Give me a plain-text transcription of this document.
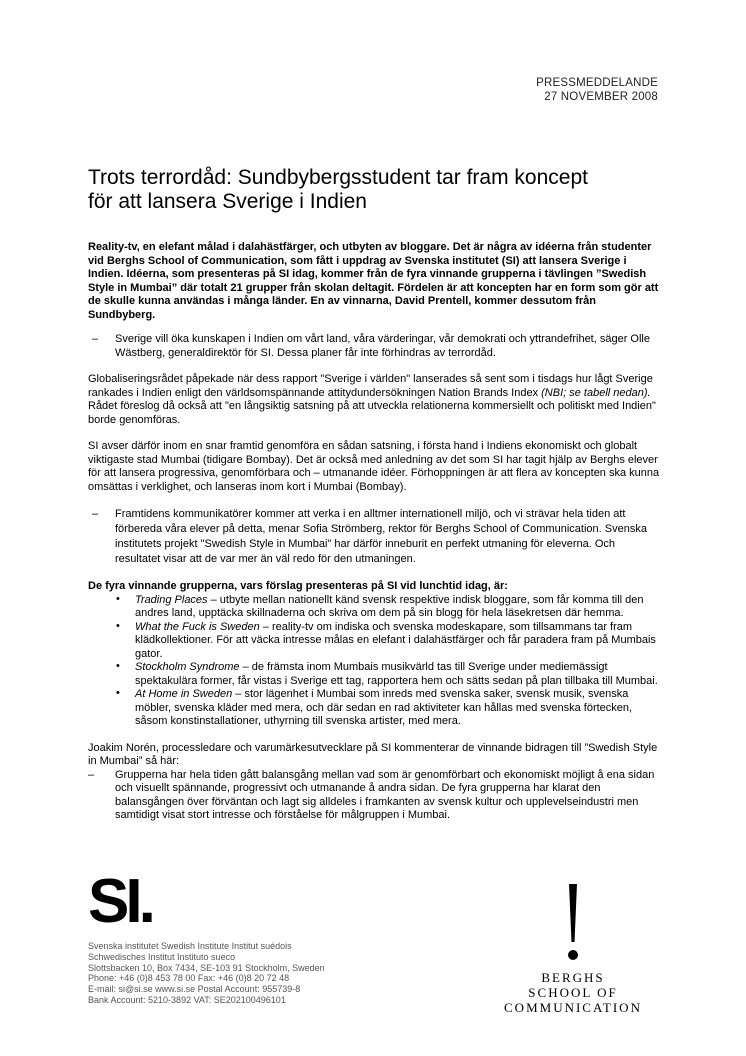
PRESSMEDDELANDE
27 NOVEMBER 2008
Trots terrordåd: Sundbybergsstudent tar fram koncept
för att lansera Sverige i Indien

Reality-tv, en elefant målad i dalahästfärger, och utbyten av bloggare. Det är några av idéerna från studenter vid Berghs School of Communication, som fått i uppdrag av Svenska institutet (SI) att lansera Sverige i Indien. Idéerna, som presenteras på SI idag, kommer från de fyra vinnande grupperna i tävlingen ”Swedish Style in Mumbai” där totalt 21 grupper från skolan deltagit. Fördelen är att koncepten har en form som gör att de skulle kunna användas i många länder. En av vinnarna, David Prentell, kommer dessutom från Sundbyberg.

– Sverige vill öka kunskapen i Indien om vårt land, våra värderingar, vår demokrati och yttrandefrihet, säger Olle Wästberg, generaldirektör för SI. Dessa planer får inte förhindras av terrordåd.

Globaliseringsrådet påpekade när dess rapport "Sverige i världen" lanserades så sent som i tisdags hur lågt Sverige rankades i Indien enligt den världsomspännande attitydundersökningen Nation Brands Index (NBI; se tabell nedan). Rådet föreslog då också att "en långsiktig satsning på att utveckla relationerna kommersiellt och politiskt med Indien" borde genomföras.

SI avser därför inom en snar framtid genomföra en sådan satsning, i första hand i Indiens ekonomiskt och globalt viktigaste stad Mumbai (tidigare Bombay). Det är också med anledning av det som SI har tagit hjälp av Berghs elever för att lansera progressiva, genomförbara och – utmanande idéer. Förhoppningen är att flera av koncepten ska kunna omsättas i verklighet, och lanseras inom kort i Mumbai (Bombay).

– Framtidens kommunikatörer kommer att verka i en alltmer internationell miljö, och vi strävar hela tiden att förbereda våra elever på detta, menar Sofia Strömberg, rektor för Berghs School of Communication. Svenska institutets projekt "Swedish Style in Mumbai" har därför inneburit en perfekt utmaning för eleverna. Och resultatet visar att de var mer än väl redo för den utmaningen.

De fyra vinnande grupperna, vars förslag presenteras på SI vid lunchtid idag, är:

• Trading Places – utbyte mellan nationellt känd svensk respektive indisk bloggare, som får komma till den andres land, upptäcka skillnaderna och skriva om dem på sin blogg för hela läsekretsen där hemma.
• What the Fuck is Sweden – reality-tv om indiska och svenska modeskapare, som tillsammans tar fram klädkollektioner. För att väcka intresse målas en elefant i dalahästfärger och får paradera fram på Mumbais gator.
• Stockholm Syndrome – de främsta inom Mumbais musikvärld tas till Sverige under mediemässigt spektakulära former, får vistas i Sverige ett tag, rapportera hem och sätts sedan på plan tillbaka till Mumbai.
• At Home in Sweden – stor lägenhet i Mumbai som inreds med svenska saker, svensk musik, svenska möbler, svenska kläder med mera, och där sedan en rad aktiviteter kan hållas med svenska förtecken, såsom konstinstallationer, uthyrning till svenska artister, med mera.

Joakim Norén, processledare och varumärkesutvecklare på SI kommenterar de vinnande bidragen till ”Swedish Style in Mumbai” så här:

– Grupperna har hela tiden gått balansgång mellan vad som är genomförbart och ekonomiskt möjligt å ena sidan och visuellt spännande, progressivt och utmanande å andra sidan. De fyra grupperna har klarat den balansgången över förväntan och lagt sig alldeles i framkanten av svensk kultur och upplevelseindustri men samtidigt visat stort intresse och förståelse för målgruppen i Mumbai.

SI.
Svenska institutet Swedish Institute Institut suédois
Schwedisches Institut Instituto sueco
Slottsbacken 10, Box 7434, SE-103 91 Stockholm, Sweden
Phone: +46 (0)8 453 78 00 Fax: +46 (0)8 20 72 48
E-mail: si@si.se www.si.se Postal Account: 955739-8
Bank Account: 5210-3892 VAT: SE202100496101
BERGHS
SCHOOL OF
COMMUNICATION
